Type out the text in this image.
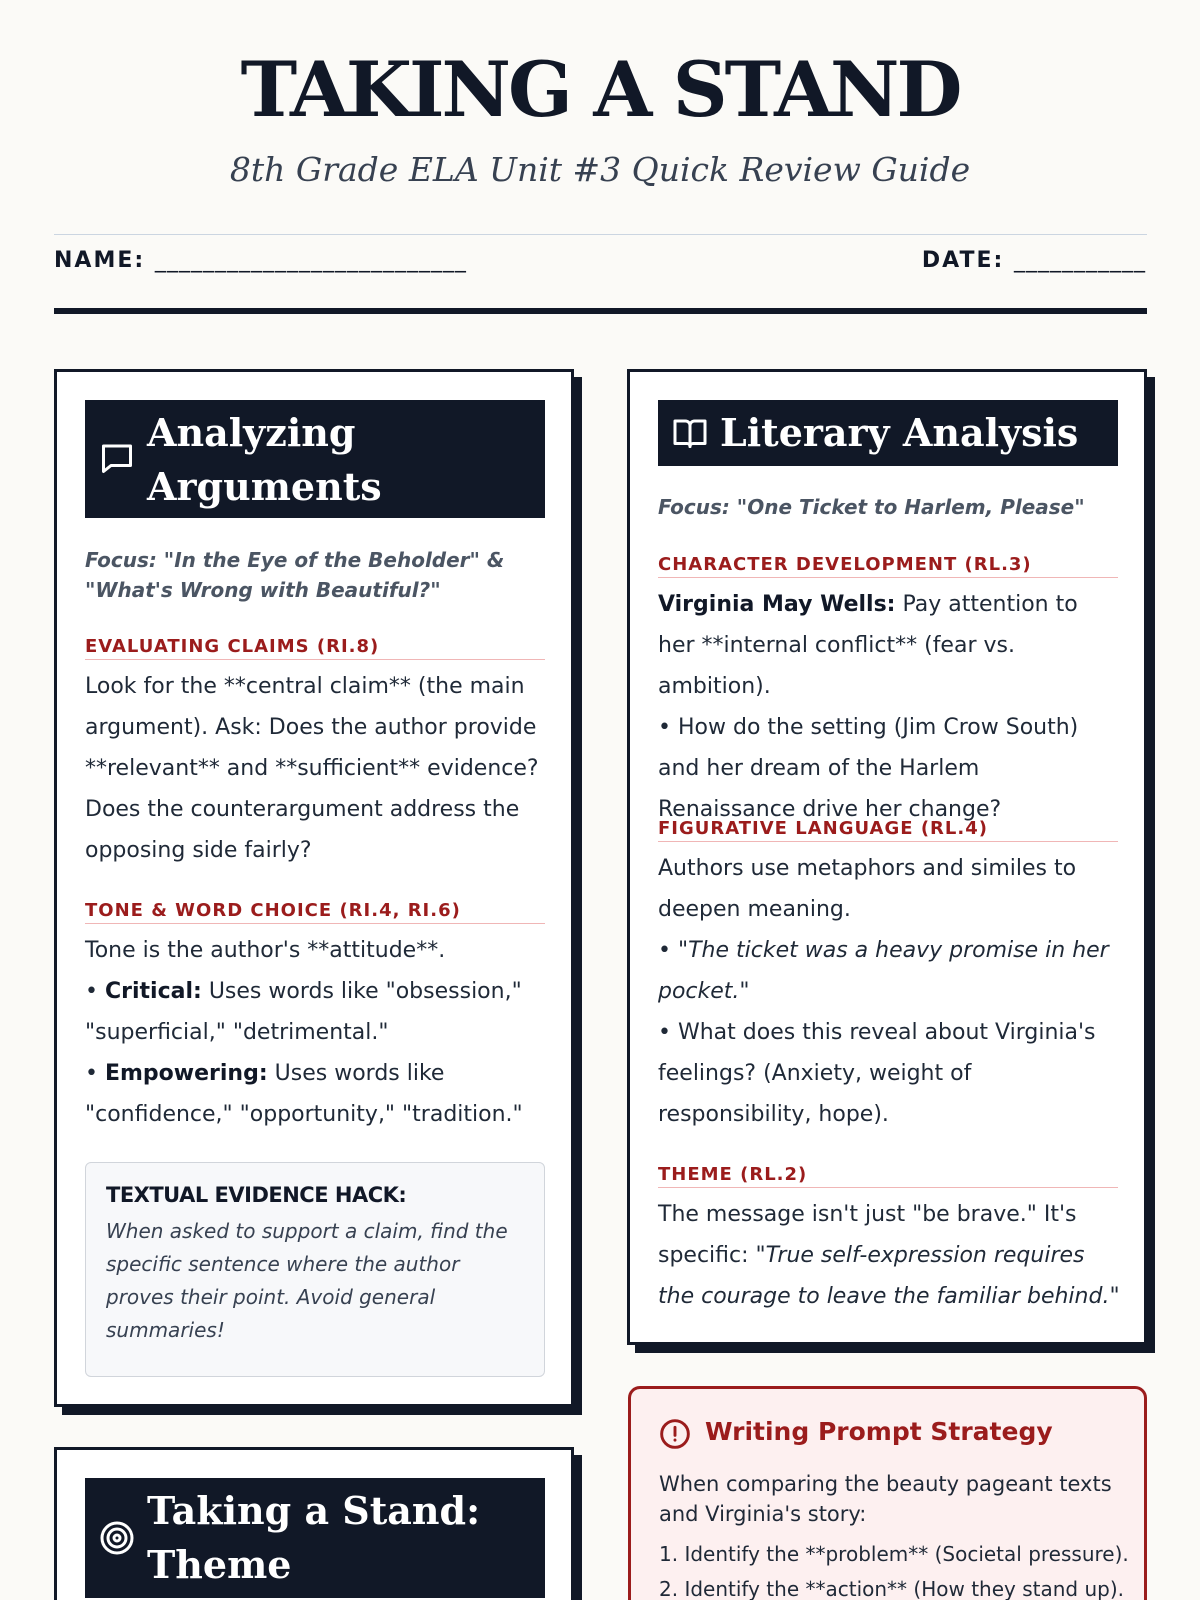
TAKING A STAND
8th Grade ELA Unit #3 Quick Review Guide
NAME: __________________________	DATE: ___________
Analyzing
Arguments
Focus: "In the Eye of the Beholder" &
"What's Wrong with Beautiful?"
EVALUATING CLAIMS (RI.8)
Look for the **central claim** (the main argument). Ask: Does the author provide **relevant** and **sufficient** evidence? Does the counterargument address the opposing side fairly?
TONE & WORD CHOICE (RI.4, RI.6)
Tone is the author's **attitude**.
• Critical: Uses words like "obsession," "superficial," "detrimental."
• Empowering: Uses words like "confidence," "opportunity," "tradition."
TEXTUAL EVIDENCE HACK:
When asked to support a claim, find the specific sentence where the author proves their point. Avoid general summaries!
Literary Analysis
Focus: "One Ticket to Harlem, Please"
CHARACTER DEVELOPMENT (RL.3)
Virginia May Wells: Pay attention to her **internal conflict** (fear vs. ambition).
• How do the setting (Jim Crow South) and her dream of the Harlem Renaissance drive her change?
FIGURATIVE LANGUAGE (RL.4)
Authors use metaphors and similes to deepen meaning.
• "The ticket was a heavy promise in her pocket."
• What does this reveal about Virginia's feelings? (Anxiety, weight of responsibility, hope).
THEME (RL.2)
The message isn't just "be brave." It's specific: "True self-expression requires the courage to leave the familiar behind."
Taking a Stand:
Theme
Writing Prompt Strategy
When comparing the beauty pageant texts and Virginia's story:
1. Identify the **problem** (Societal pressure).
2. Identify the **action** (How they stand up).
